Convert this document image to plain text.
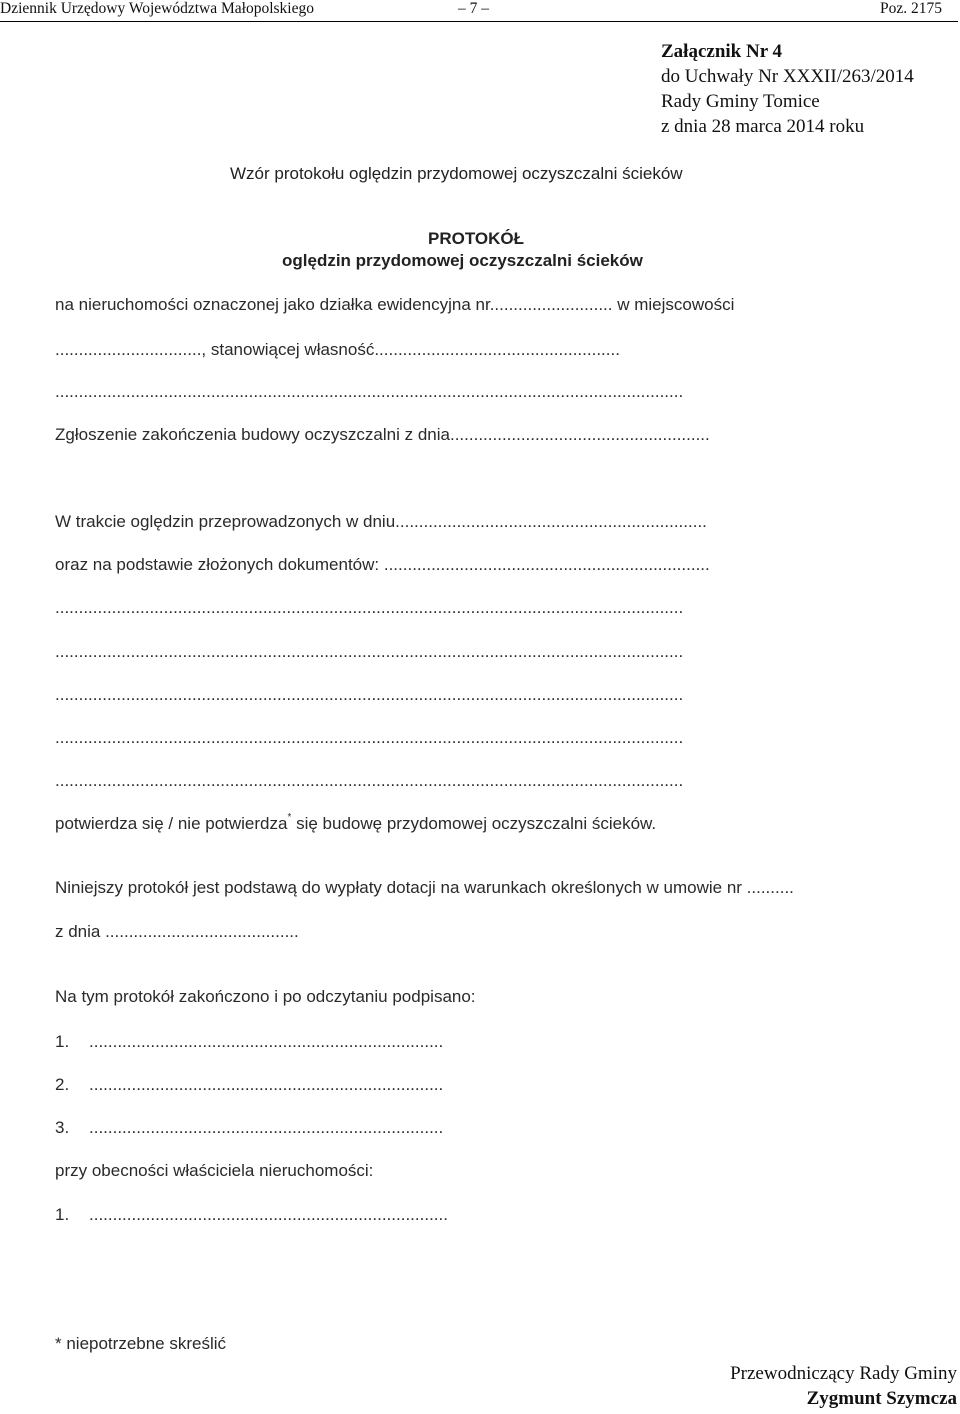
Dziennik Urzędowy Województwa Małopolskiego	– 7 –	Poz. 2175
Załącznik Nr 4
do Uchwały Nr XXXII/263/2014
Rady Gminy Tomice
z dnia 28 marca 2014 roku
Wzór protokołu oględzin przydomowej oczyszczalni ścieków
PROTOKÓŁ
oględzin przydomowej oczyszczalni ścieków
na nieruchomości oznaczonej jako działka ewidencyjna nr.......................... w miejscowości
..............................., stanowiącej własność....................................................
.....................................................................................................................................
Zgłoszenie zakończenia budowy oczyszczalni z dnia.......................................................
W trakcie oględzin przeprowadzonych w dniu..................................................................
oraz na podstawie złożonych dokumentów: .....................................................................
.....................................................................................................................................
.....................................................................................................................................
.....................................................................................................................................
.....................................................................................................................................
.....................................................................................................................................
potwierdza się / nie potwierdza* się budowę przydomowej oczyszczalni ścieków.
Niniejszy protokół jest podstawą do wypłaty dotacji na warunkach określonych w umowie nr ..........
z dnia .........................................
Na tym protokół zakończono i po odczytaniu podpisano:
1. ...........................................................................
2. ...........................................................................
3. ...........................................................................
przy obecności właściciela nieruchomości:
1. ............................................................................
* niepotrzebne skreślić
Przewodniczący Rady Gminy
Zygmunt Szymcza
